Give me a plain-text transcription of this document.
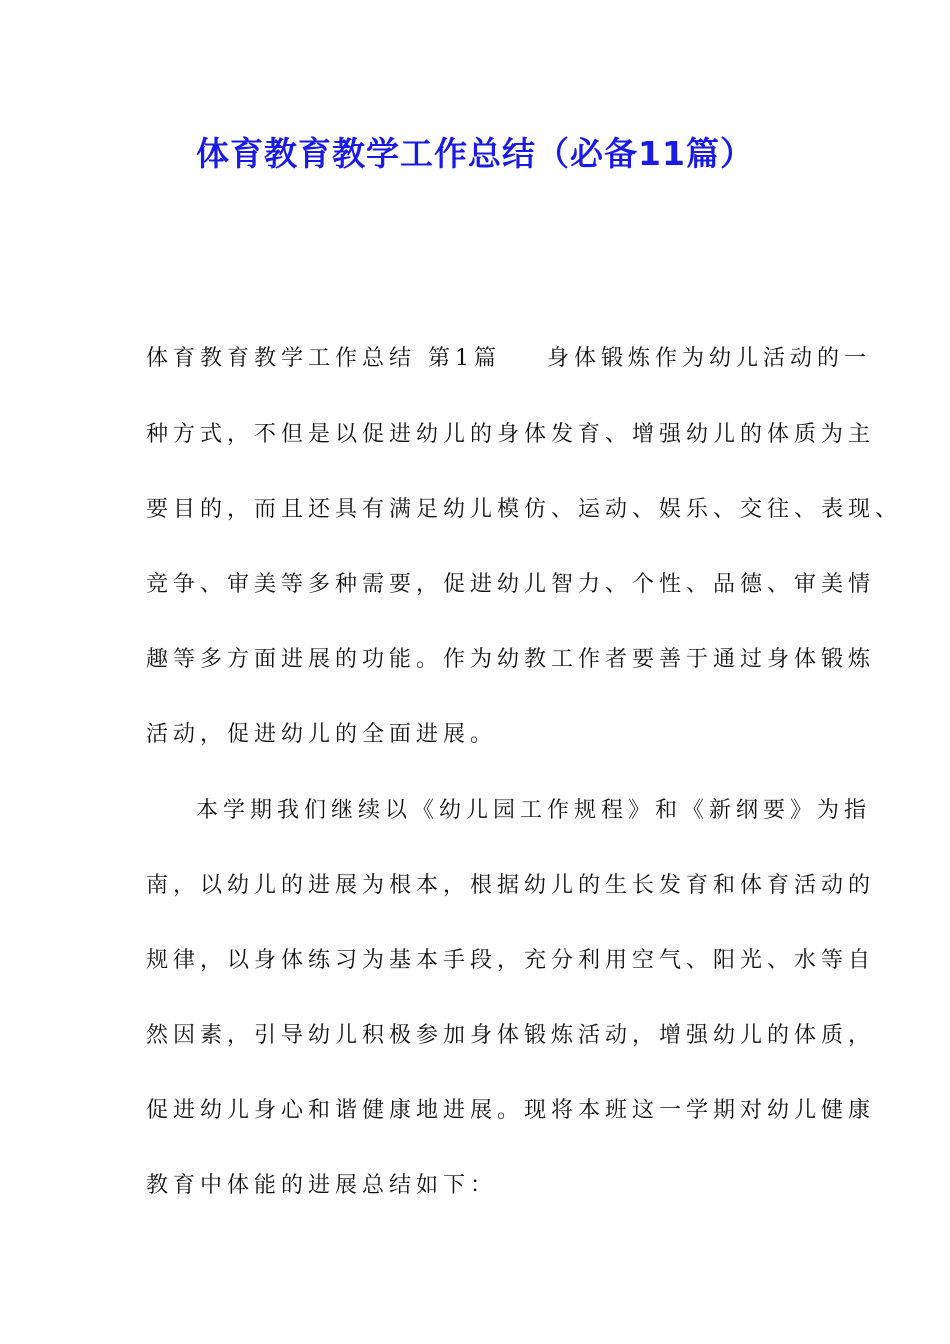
体育教育教学工作总结（必备11篇）
体育教育教学工作总结 第1篇 身体锻炼作为幼儿活动的一
种方式，不但是以促进幼儿的身体发育、增强幼儿的体质为主
要目的，而且还具有满足幼儿模仿、运动、娱乐、交往、表现、
竞争、审美等多种需要，促进幼儿智力、个性、品德、审美情
趣等多方面进展的功能。作为幼教工作者要善于通过身体锻炼
活动，促进幼儿的全面进展。
本学期我们继续以《幼儿园工作规程》和《新纲要》为指
南，以幼儿的进展为根本，根据幼儿的生长发育和体育活动的
规律，以身体练习为基本手段，充分利用空气、阳光、水等自
然因素，引导幼儿积极参加身体锻炼活动，增强幼儿的体质，
促进幼儿身心和谐健康地进展。现将本班这一学期对幼儿健康
教育中体能的进展总结如下：
